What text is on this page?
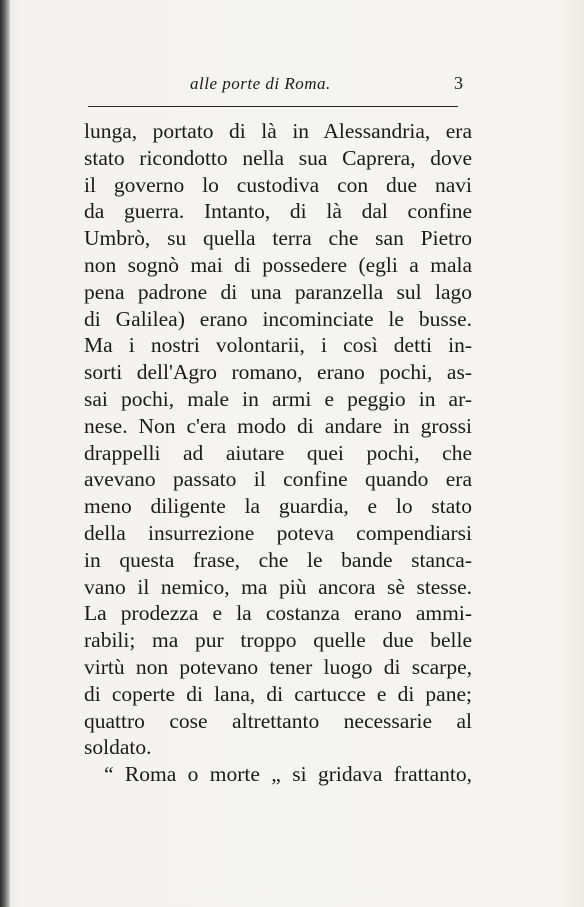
alle porte di Roma.	3
lunga, portato di là in Alessandria, era
stato ricondotto nella sua Caprera, dove
il governo lo custodiva con due navi
da guerra. Intanto, di là dal confine
Umbrò, su quella terra che san Pietro
non sognò mai di possedere (egli a mala
pena padrone di una paranzella sul lago
di Galilea) erano incominciate le busse.
Ma i nostri volontarii, i così detti in-
sorti dell'Agro romano, erano pochi, as-
sai pochi, male in armi e peggio in ar-
nese. Non c'era modo di andare in grossi
drappelli ad aiutare quei pochi, che
avevano passato il confine quando era
meno diligente la guardia, e lo stato
della insurrezione poteva compendiarsi
in questa frase, che le bande stanca-
vano il nemico, ma più ancora sè stesse.
La prodezza e la costanza erano ammi-
rabili; ma pur troppo quelle due belle
virtù non potevano tener luogo di scarpe,
di coperte di lana, di cartucce e di pane;
quattro cose altrettanto necessarie al
soldato.
“ Roma o morte „ si gridava frattanto,
